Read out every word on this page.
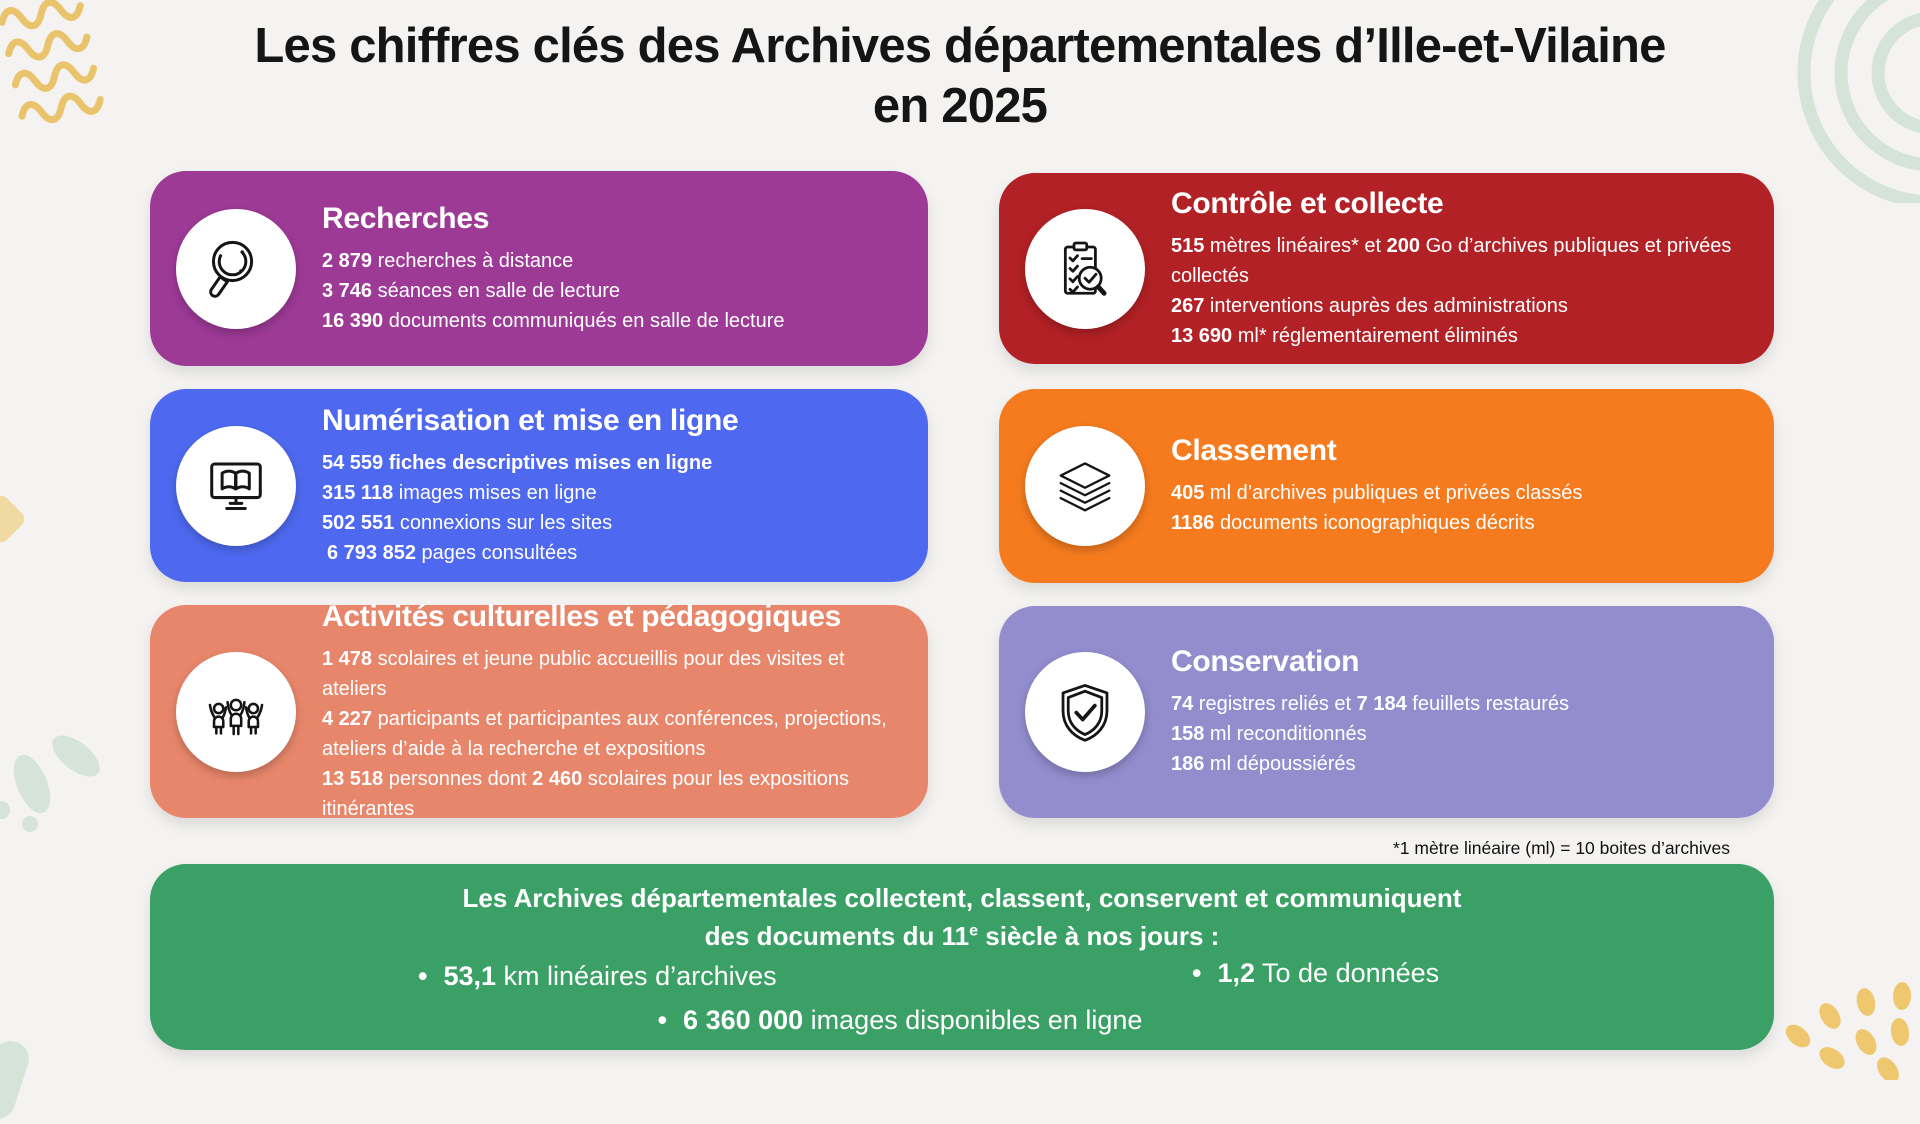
Les chiffres clés des Archives départementales d’Ille-et-Vilaine
en 2025
Recherches

2 879 recherches à distance

3 746 séances en salle de lecture

16 390 documents communiqués en salle de lecture

Contrôle et collecte

515 mètres linéaires* et 200 Go d’archives publiques et privées collectés

267 interventions auprès des administrations

13 690 ml* réglementairement éliminés

Numérisation et mise en ligne

54 559 fiches descriptives mises en ligne

315 118 images mises en ligne

502 551 connexions sur les sites

6 793 852 pages consultées

Classement

405 ml d’archives publiques et privées classés

1186 documents iconographiques décrits

Activités culturelles et pédagogiques

1 478 scolaires et jeune public accueillis pour des visites et ateliers

4 227 participants et participantes aux conférences, projections, ateliers d’aide à la recherche et expositions

13 518 personnes dont 2 460 scolaires pour les expositions itinérantes

Conservation

74 registres reliés et 7 184 feuillets restaurés

158 ml reconditionnés

186 ml dépoussiérés

*1 mètre linéaire (ml) = 10 boites d’archives

Les Archives départementales collectent, classent, conservent et communiquent
des documents du 11e siècle à nos jours :
• 53,1 km linéaires d’archives	• 1,2 To de données
• 6 360 000 images disponibles en ligne
